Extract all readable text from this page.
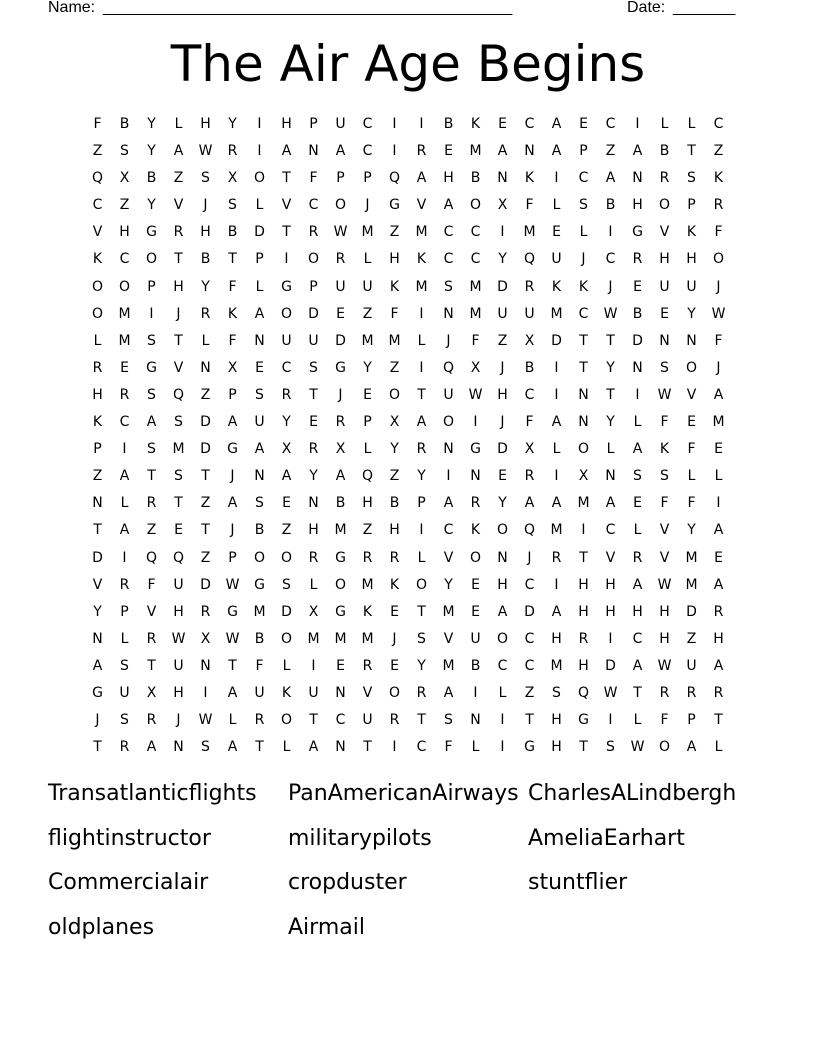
Name: ______________________________________________	Date: _______
The Air Age Begins
F	B	Y	L	H	Y	I	H	P	U	C	I	I	B	K	E	C	A	E	C	I	L	L	C
Z	S	Y	A	W	R	I	A	N	A	C	I	R	E	M	A	N	A	P	Z	A	B	T	Z
Q	X	B	Z	S	X	O	T	F	P	P	Q	A	H	B	N	K	I	C	A	N	R	S	K
C	Z	Y	V	J	S	L	V	C	O	J	G	V	A	O	X	F	L	S	B	H	O	P	R
V	H	G	R	H	B	D	T	R	W	M	Z	M	C	C	I	M	E	L	I	G	V	K	F
K	C	O	T	B	T	P	I	O	R	L	H	K	C	C	Y	Q	U	J	C	R	H	H	O
O	O	P	H	Y	F	L	G	P	U	U	K	M	S	M	D	R	K	K	J	E	U	U	J
O	M	I	J	R	K	A	O	D	E	Z	F	I	N	M	U	U	M	C	W	B	E	Y	W
L	M	S	T	L	F	N	U	U	D	M	M	L	J	F	Z	X	D	T	T	D	N	N	F
R	E	G	V	N	X	E	C	S	G	Y	Z	I	Q	X	J	B	I	T	Y	N	S	O	J
H	R	S	Q	Z	P	S	R	T	J	E	O	T	U	W	H	C	I	N	T	I	W	V	A
K	C	A	S	D	A	U	Y	E	R	P	X	A	O	I	J	F	A	N	Y	L	F	E	M
P	I	S	M	D	G	A	X	R	X	L	Y	R	N	G	D	X	L	O	L	A	K	F	E
Z	A	T	S	T	J	N	A	Y	A	Q	Z	Y	I	N	E	R	I	X	N	S	S	L	L
N	L	R	T	Z	A	S	E	N	B	H	B	P	A	R	Y	A	A	M	A	E	F	F	I
T	A	Z	E	T	J	B	Z	H	M	Z	H	I	C	K	O	Q	M	I	C	L	V	Y	A
D	I	Q	Q	Z	P	O	O	R	G	R	R	L	V	O	N	J	R	T	V	R	V	M	E
V	R	F	U	D	W	G	S	L	O	M	K	O	Y	E	H	C	I	H	H	A	W	M	A
Y	P	V	H	R	G	M	D	X	G	K	E	T	M	E	A	D	A	H	H	H	H	D	R
N	L	R	W	X	W	B	O	M	M	M	J	S	V	U	O	C	H	R	I	C	H	Z	H
A	S	T	U	N	T	F	L	I	E	R	E	Y	M	B	C	C	M	H	D	A	W	U	A
G	U	X	H	I	A	U	K	U	N	V	O	R	A	I	L	Z	S	Q	W	T	R	R	R
J	S	R	J	W	L	R	O	T	C	U	R	T	S	N	I	T	H	G	I	L	F	P	T
T	R	A	N	S	A	T	L	A	N	T	I	C	F	L	I	G	H	T	S	W	O	A	L
Transatlanticflights	PanAmericanAirways CharlesALindbergh
flightinstructor	militarypilots	AmeliaEarhart
Commercialair	cropduster	stuntflier
oldplanes	Airmail
